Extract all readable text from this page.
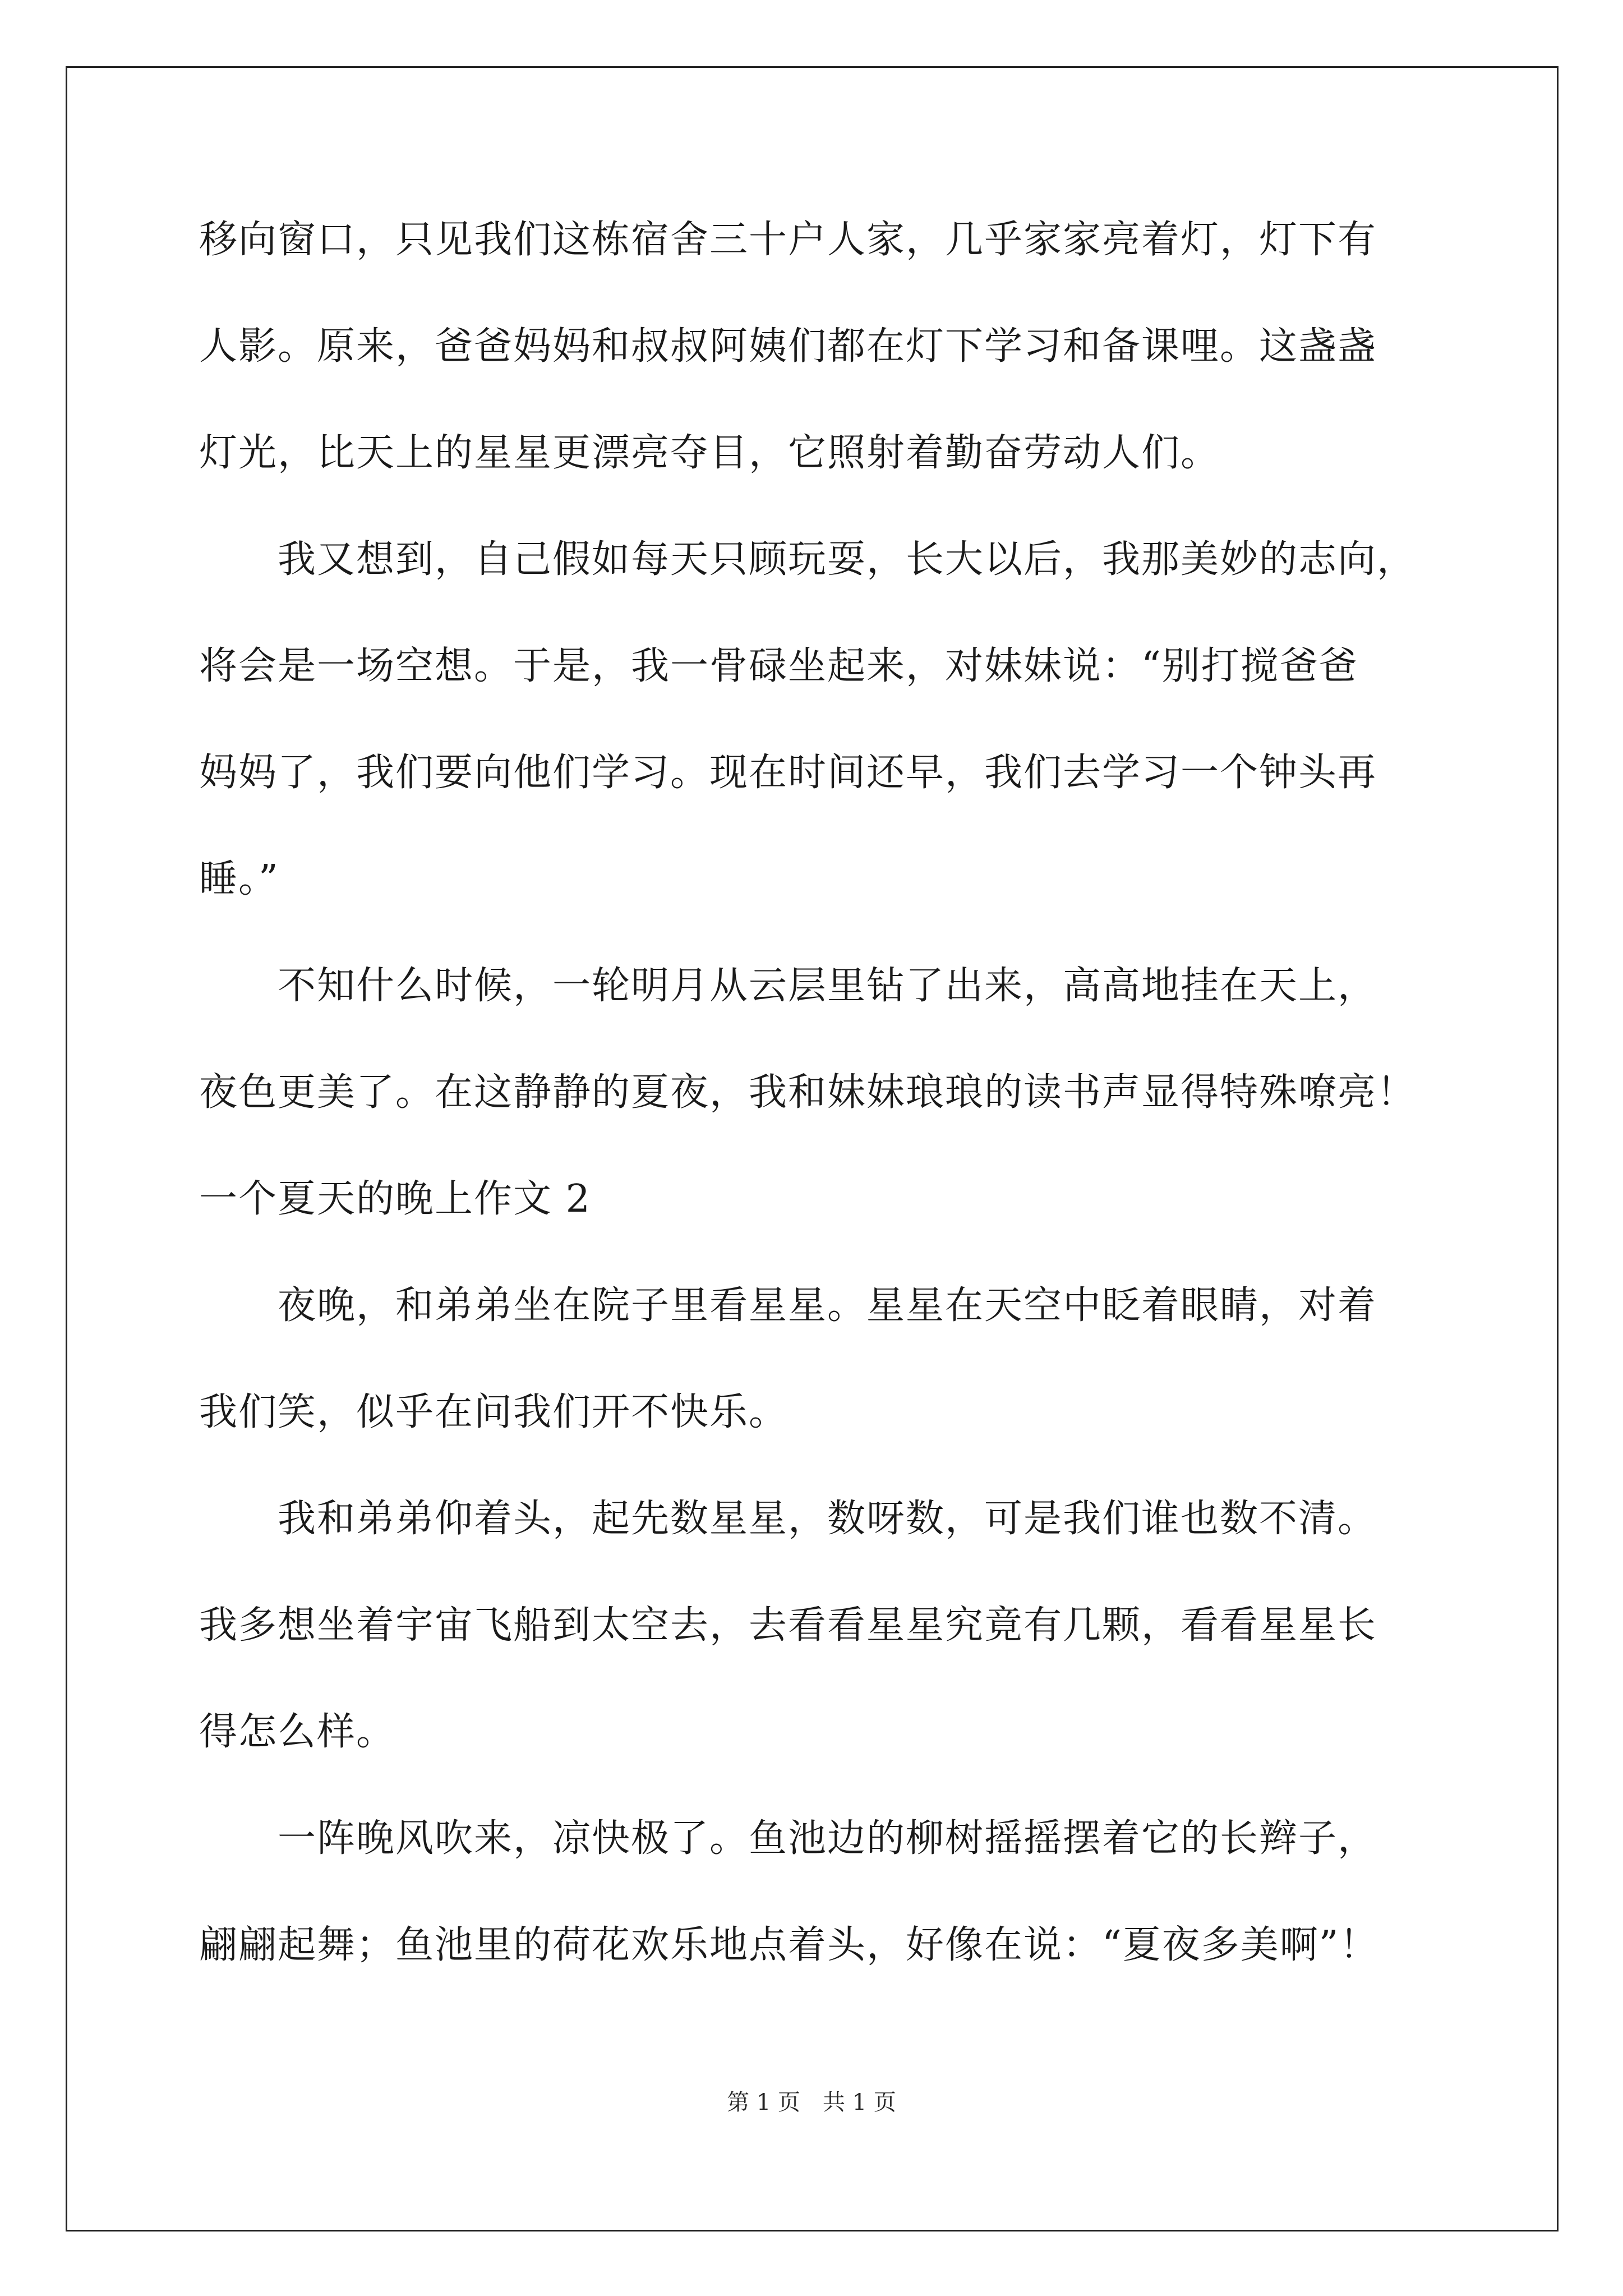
移向窗口，只见我们这栋宿舍三十户人家，几乎家家亮着灯，灯下有
人影。原来，爸爸妈妈和叔叔阿姨们都在灯下学习和备课哩。这盏盏
灯光，比天上的星星更漂亮夺目，它照射着勤奋劳动人们。
　　我又想到，自己假如每天只顾玩耍，长大以后，我那美妙的志向，
将会是一场空想。于是，我一骨碌坐起来，对妹妹说：“别打搅爸爸
妈妈了，我们要向他们学习。现在时间还早，我们去学习一个钟头再
睡。”
　　不知什么时候，一轮明月从云层里钻了出来，高高地挂在天上，
夜色更美了。在这静静的夏夜，我和妹妹琅琅的读书声显得特殊嘹亮！
一个夏天的晚上作文 2
　　夜晚，和弟弟坐在院子里看星星。星星在天空中眨着眼睛，对着
我们笑，似乎在问我们开不快乐。
　　我和弟弟仰着头，起先数星星，数呀数，可是我们谁也数不清。
我多想坐着宇宙飞船到太空去，去看看星星究竟有几颗，看看星星长
得怎么样。
　　一阵晚风吹来，凉快极了。鱼池边的柳树摇摇摆着它的长辫子，
翩翩起舞；鱼池里的荷花欢乐地点着头，好像在说：“夏夜多美啊”！
第 1 页　共 1 页
